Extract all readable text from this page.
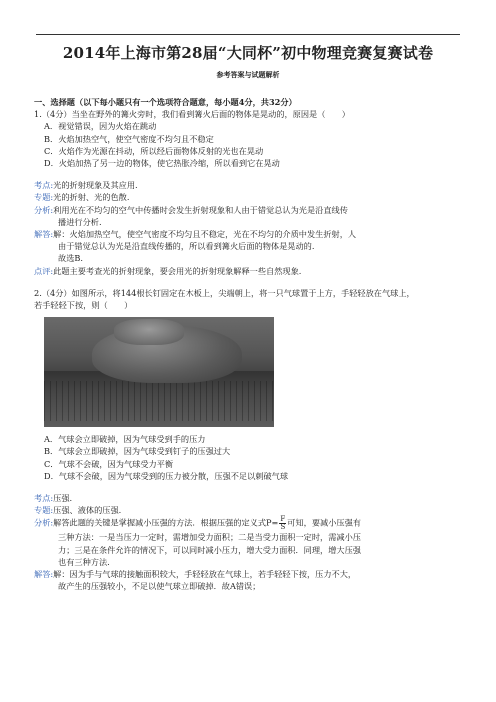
2014年上海市第28届“大同杯”初中物理竞赛复赛试卷
参考答案与试题解析
一、选择题（以下每小题只有一个选项符合题意，每小题4分，共32分）
1.（4分）当坐在野外的篝火旁时，我们看到篝火后面的物体是晃动的，原因是（　　）
A．视觉错误，因为火焰在跳动
B．火焰加热空气，使空气密度不均匀且不稳定
C．火焰作为光源在抖动，所以经后面物体反射的光也在晃动
D．火焰加热了另一边的物体，使它热胀冷缩，所以看到它在晃动
考点:光的折射现象及其应用.
专题:光的折射、光的色散.
分析:利用光在不均匀的空气中传播时会发生折射现象和人由于错觉总认为光是沿直线传
播进行分析.
解答:解：火焰加热空气，使空气密度不均匀且不稳定，光在不均匀的介质中发生折射，人
由于错觉总认为光是沿直线传播的，所以看到篝火后面的物体是晃动的.
故选B.
点评:此题主要考查光的折射现象，要会用光的折射现象解释一些自然现象.
2.（4分）如图所示，将144根长钉固定在木板上，尖端朝上，将一只气球置于上方，手轻轻放在气球上，
若手轻轻下按，则（　　）
A．气球会立即破掉，因为气球受到手的压力
B．气球会立即破掉，因为气球受到钉子的压强过大
C．气球不会破，因为气球受力平衡
D．气球不会破，因为气球受到的压力被分散，压强不足以刺破气球
考点:压强.
专题:压强、液体的压强.
分析:解答此题的关键是掌握减小压强的方法．根据压强的定义式$P= \frac{F}{S}$ 可知，要减小压强有
三种方法：一是当压力一定时，需增加受力面积；二是当受力面积一定时，需减小压
力；三是在条件允许的情况下，可以同时减小压力，增大受力面积．同理，增大压强
也有三种方法.
解答:解：因为手与气球的接触面积较大，手轻轻放在气球上，若手轻轻下按，压力不大，
故产生的压强较小，不足以使气球立即破掉．故A错误；
